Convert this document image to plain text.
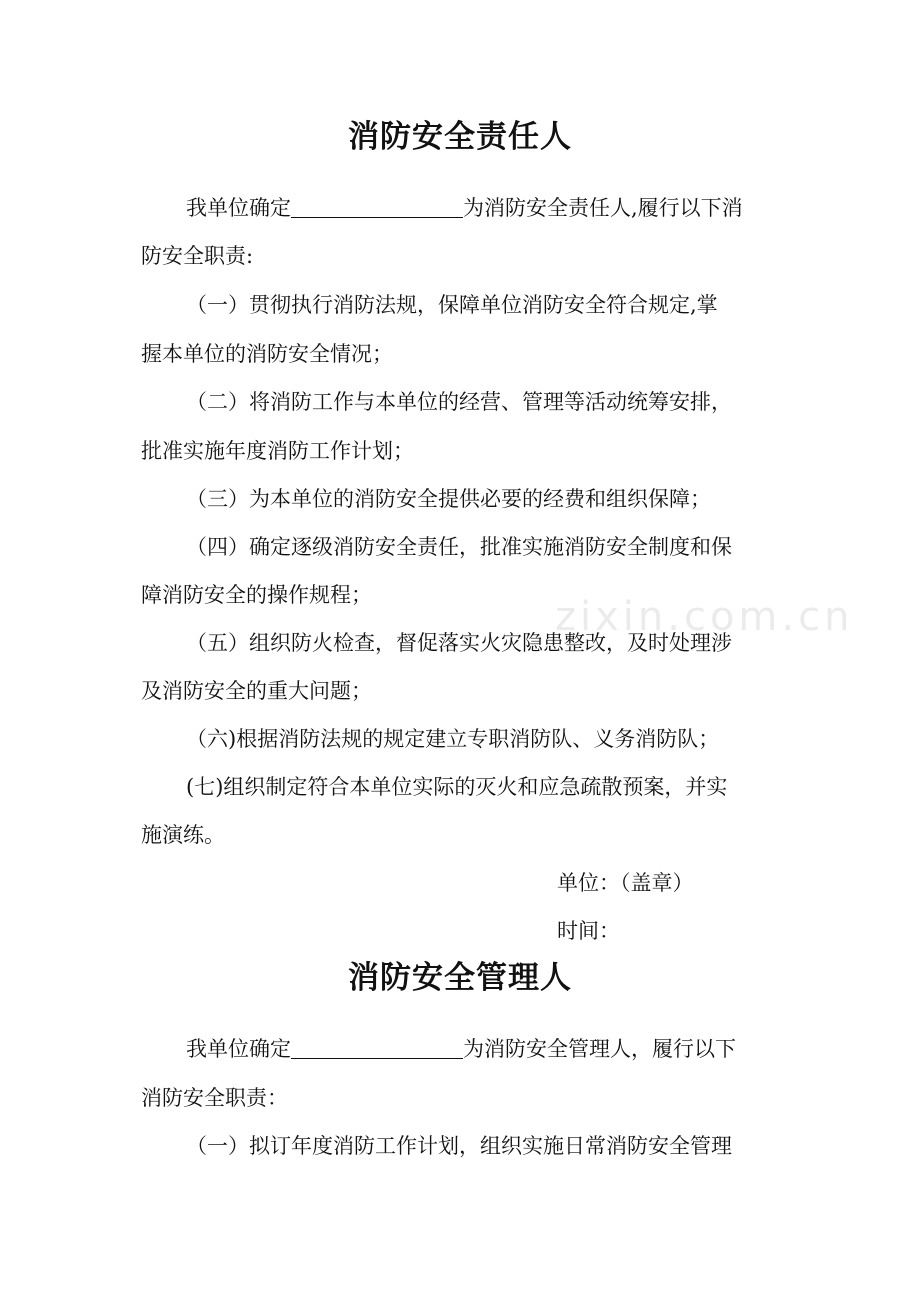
zixin.com.cn
消防安全责任人
我单位确定	为消防安全责任人,履行以下消
防安全职责:
（一）贯彻执行消防法规，保障单位消防安全符合规定,掌
握本单位的消防安全情况；
（二）将消防工作与本单位的经营、管理等活动统筹安排，
批准实施年度消防工作计划；
（三）为本单位的消防安全提供必要的经费和组织保障；
（四）确定逐级消防安全责任，批准实施消防安全制度和保
障消防安全的操作规程；
（五）组织防火检查，督促落实火灾隐患整改，及时处理涉
及消防安全的重大问题；
（六)根据消防法规的规定建立专职消防队、义务消防队；
(七)组织制定符合本单位实际的灭火和应急疏散预案，并实
施演练。
单位：（盖章）
时间：
消防安全管理人
我单位确定	为消防安全管理人，履行以下
消防安全职责：
（一）拟订年度消防工作计划，组织实施日常消防安全管理
